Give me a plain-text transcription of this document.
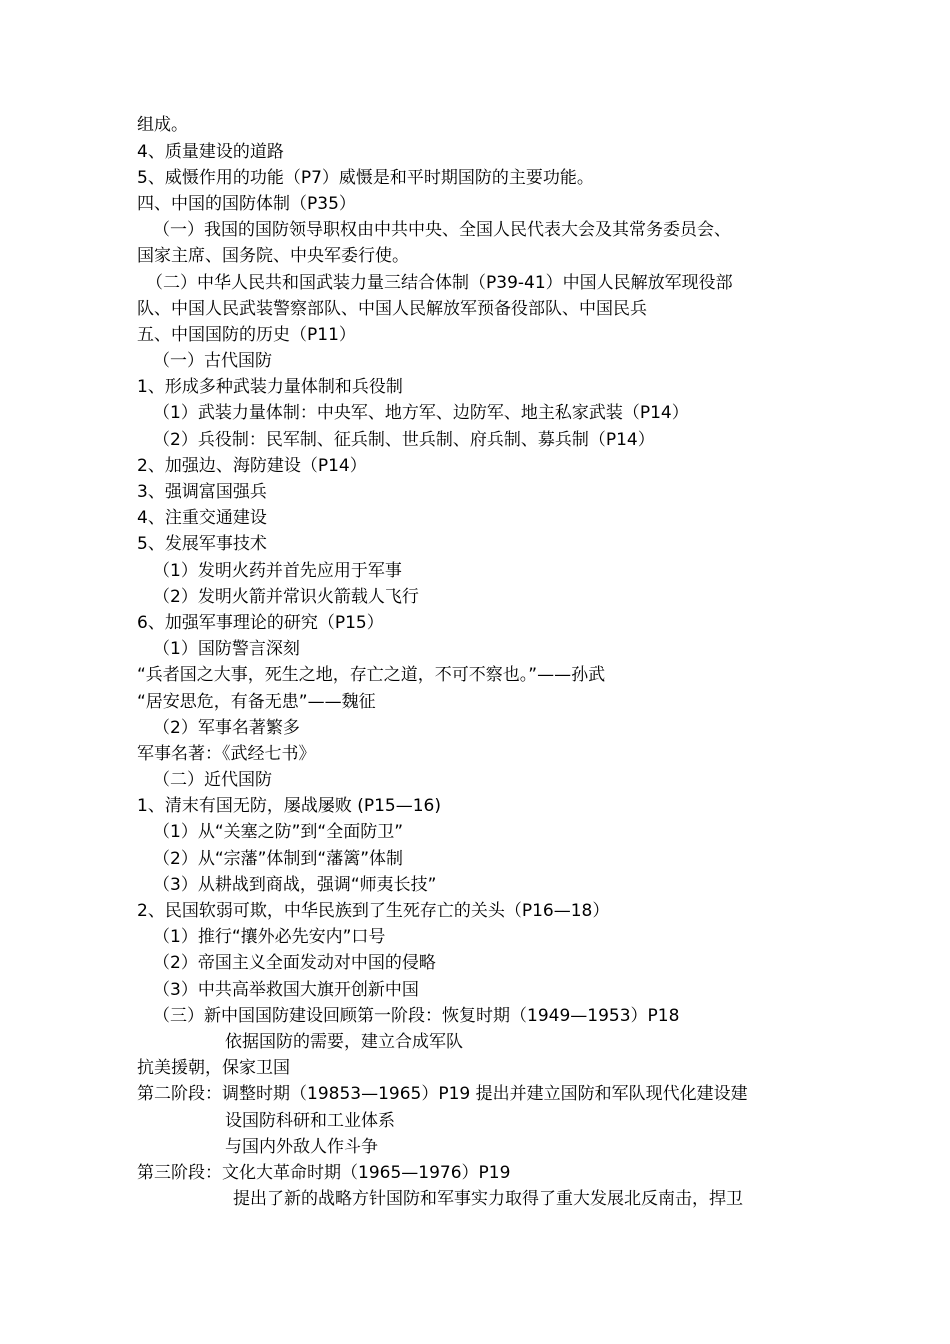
组成。
4、质量建设的道路
5、威慑作用的功能（P7）威慑是和平时期国防的主要功能。
四、中国的国防体制（P35）
（一）我国的国防领导职权由中共中央、全国人民代表大会及其常务委员会、
国家主席、国务院、中央军委行使。
（二）中华人民共和国武装力量三结合体制（P39-41）中国人民解放军现役部
队、中国人民武装警察部队、中国人民解放军预备役部队、中国民兵
五、中国国防的历史（P11）
（一）古代国防
1、形成多种武装力量体制和兵役制
（1）武装力量体制：中央军、地方军、边防军、地主私家武装（P14）
（2）兵役制：民军制、征兵制、世兵制、府兵制、募兵制（P14）
2、加强边、海防建设（P14）
3、强调富国强兵
4、注重交通建设
5、发展军事技术
（1）发明火药并首先应用于军事
（2）发明火箭并常识火箭载人飞行
6、加强军事理论的研究（P15）
（1）国防警言深刻
“兵者国之大事，死生之地，存亡之道，不可不察也。”——孙武
“居安思危，有备无患”——魏征
（2）军事名著繁多
军事名著：《武经七书》
（二）近代国防
1、清末有国无防，屡战屡败 (P15—16)
（1）从“关塞之防”到“全面防卫”
（2）从“宗藩”体制到“藩篱”体制
（3）从耕战到商战，强调“师夷长技”
2、民国软弱可欺，中华民族到了生死存亡的关头（P16—18）
（1）推行“攘外必先安内”口号
（2）帝国主义全面发动对中国的侵略
（3）中共高举救国大旗开创新中国
（三）新中国国防建设回顾第一阶段：恢复时期（1949—1953）P18
依据国防的需要，建立合成军队
抗美援朝，保家卫国
第二阶段：调整时期（19853—1965）P19 提出并建立国防和军队现代化建设建
设国防科研和工业体系
与国内外敌人作斗争
第三阶段：文化大革命时期（1965—1976）P19
提出了新的战略方针国防和军事实力取得了重大发展北反南击，捍卫
